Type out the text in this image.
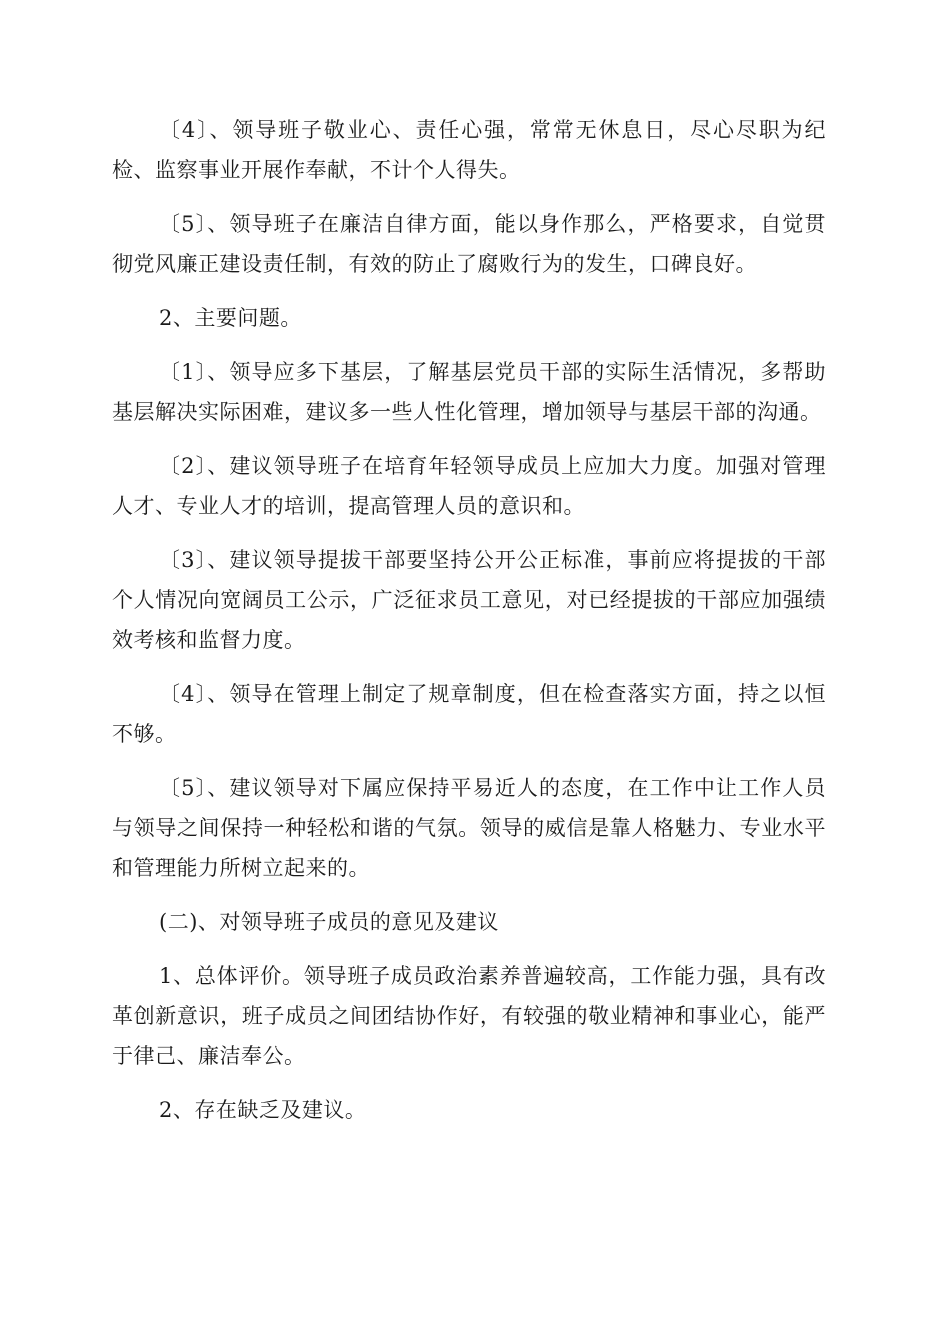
〔4〕、领导班子敬业心、责任心强，常常无休息日，尽心尽职为纪检、监察事业开展作奉献，不计个人得失。

〔5〕、领导班子在廉洁自律方面，能以身作那么，严格要求，自觉贯彻党风廉正建设责任制，有效的防止了腐败行为的发生，口碑良好。

2、主要问题。

〔1〕、领导应多下基层，了解基层党员干部的实际生活情况，多帮助基层解决实际困难，建议多一些人性化管理，增加领导与基层干部的沟通。

〔2〕、建议领导班子在培育年轻领导成员上应加大力度。加强对管理人才、专业人才的培训，提高管理人员的意识和。

〔3〕、建议领导提拔干部要坚持公开公正标准，事前应将提拔的干部个人情况向宽阔员工公示，广泛征求员工意见，对已经提拔的干部应加强绩效考核和监督力度。

〔4〕、领导在管理上制定了规章制度，但在检查落实方面，持之以恒不够。

〔5〕、建议领导对下属应保持平易近人的态度，在工作中让工作人员与领导之间保持一种轻松和谐的气氛。领导的威信是靠人格魅力、专业水平和管理能力所树立起来的。

(二)、对领导班子成员的意见及建议

1、总体评价。领导班子成员政治素养普遍较高，工作能力强，具有改革创新意识，班子成员之间团结协作好，有较强的敬业精神和事业心，能严于律己、廉洁奉公。

2、存在缺乏及建议。
